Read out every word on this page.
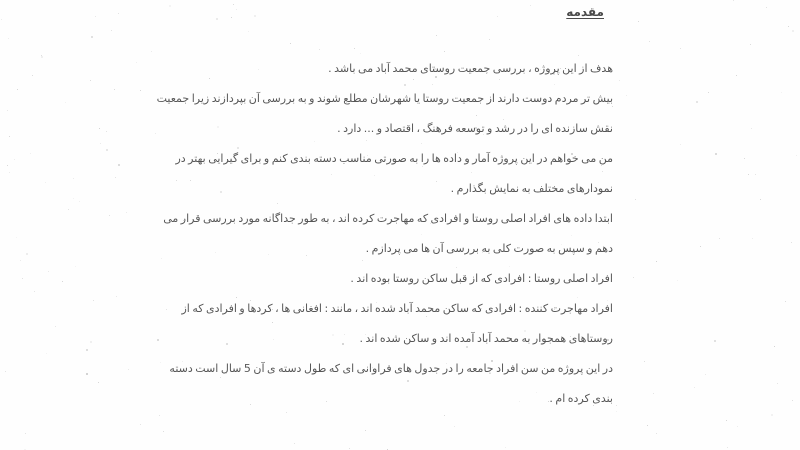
مقدمه
هدف از این پروژه ، بررسی جمعیت روستای محمد آباد می باشد .
بیش تر مردم دوست دارند از جمعیت روستا یا شهرشان مطلع شوند و به بررسی آن بپردازند زیرا جمعیت
نقش سازنده ای را در رشد و توسعه فرهنگ ، اقتصاد و ... دارد .
من می خواهم در این پروژه آمار و داده ها را به صورتی مناسب دسته بندی کنم و برای گیرایی بهتر در
نمودارهای مختلف به نمایش بگذارم .
ابتدا داده های افراد اصلی روستا و افرادی که مهاجرت کرده اند ، به طور جداگانه مورد بررسی قرار می
دهم و سپس به صورت کلی به بررسی آن ها می پردازم .
افراد اصلی روستا : افرادی که از قبل ساکن روستا بوده اند .
افراد مهاجرت کننده : افرادی که ساکن محمد آباد شده اند ، مانند : افغانی ها ، کردها و افرادی که از
روستاهای همجوار به محمد آباد آمده اند و ساکن شده اند .
در این پروژه من سن افراد جامعه را در جدول های فراوانی ای که طول دسته ی آن 5 سال است دسته
بندی کرده ام .
